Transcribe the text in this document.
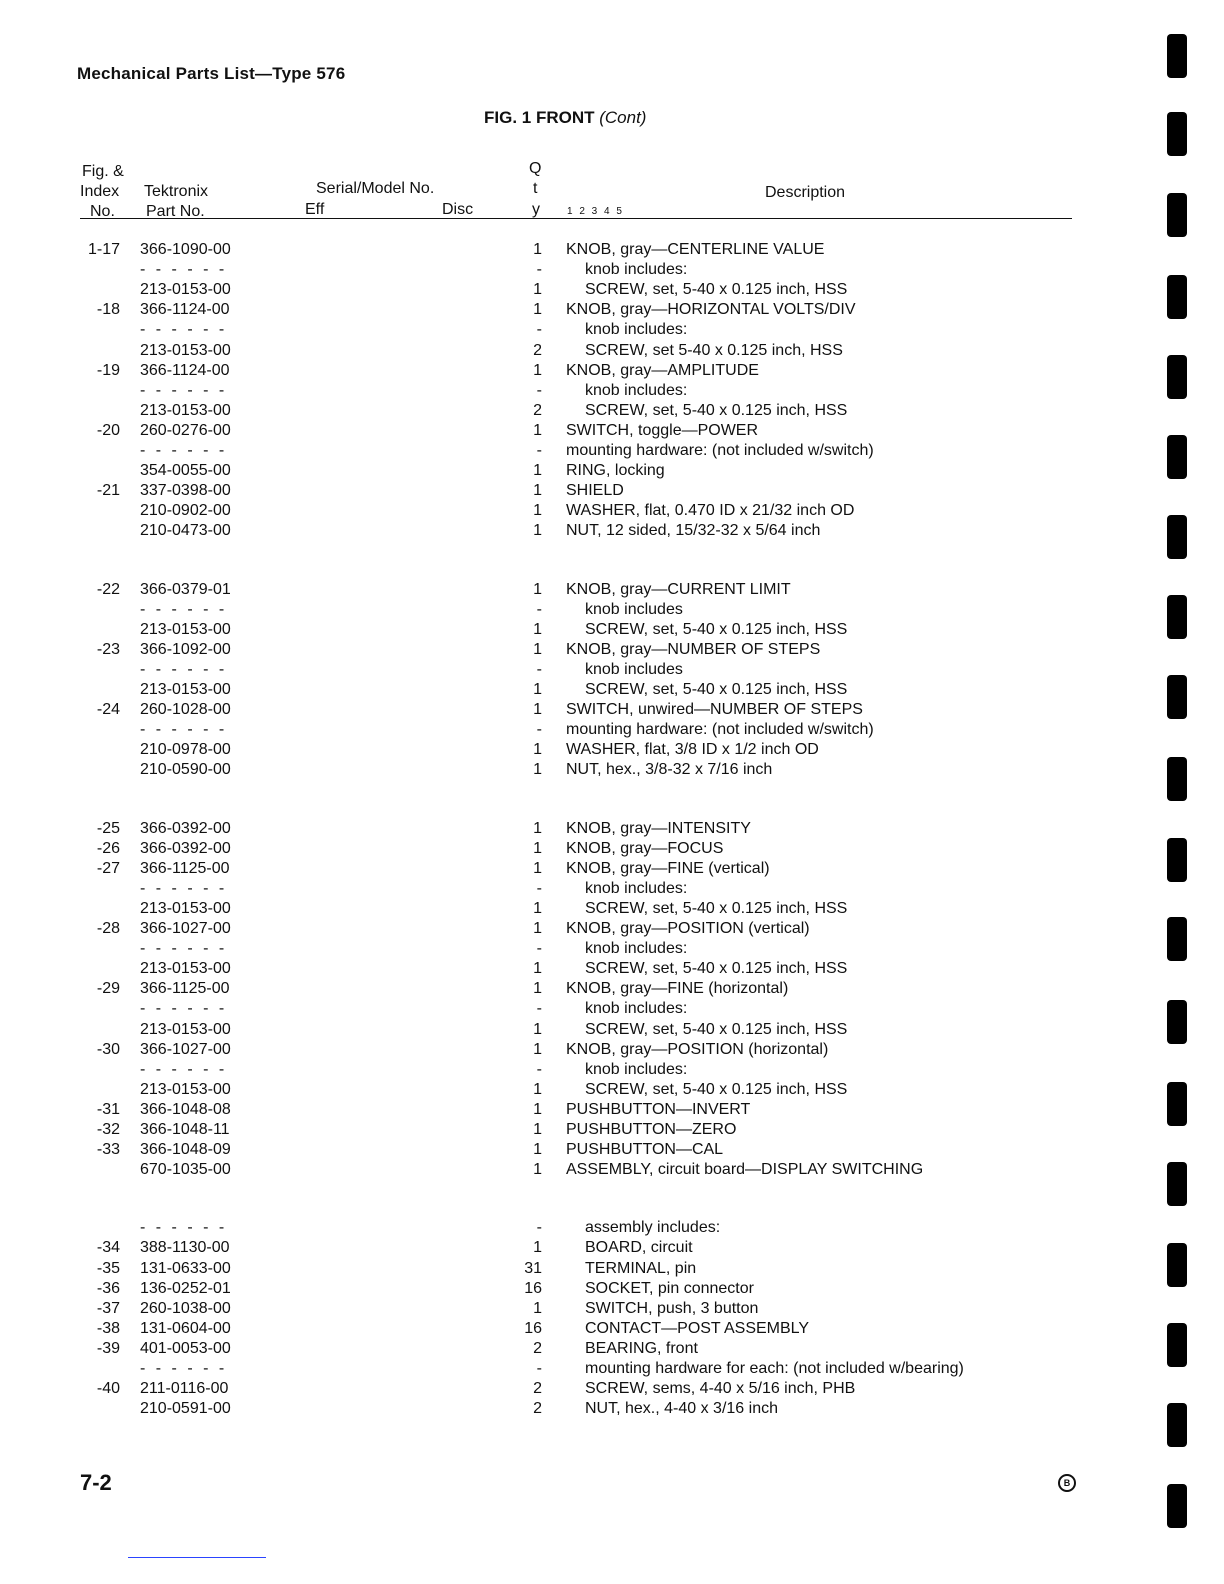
Mechanical Parts List—Type 576
FIG. 1 FRONT (Cont)
Fig. &
Index
No.
Tektronix
Part No.
Serial/Model No.
Eff	Disc
Q
t
y	1 2 3 4 5
Description
1-17 366-1090-00	1 KNOB, gray—CENTERLINE VALUE
- - - - - -	-	knob includes:
213-0153-00	1	SCREW, set, 5-40 x 0.125 inch, HSS
-18 366-1124-00	1 KNOB, gray—HORIZONTAL VOLTS/DIV
- - - - - -	-	knob includes:
213-0153-00	2	SCREW, set 5-40 x 0.125 inch, HSS
-19 366-1124-00	1 KNOB, gray—AMPLITUDE
- - - - - -	-	knob includes:
213-0153-00	2	SCREW, set, 5-40 x 0.125 inch, HSS
-20 260-0276-00	1 SWITCH, toggle—POWER
- - - - - -	- mounting hardware: (not included w/switch)
354-0055-00	1 RING, locking
-21 337-0398-00	1 SHIELD
210-0902-00	1 WASHER, flat, 0.470 ID x 21/32 inch OD
210-0473-00	1 NUT, 12 sided, 15/32-32 x 5/64 inch
-22 366-0379-01	1 KNOB, gray—CURRENT LIMIT
- - - - - -	-	knob includes
213-0153-00	1	SCREW, set, 5-40 x 0.125 inch, HSS
-23 366-1092-00	1 KNOB, gray—NUMBER OF STEPS
- - - - - -	-	knob includes
213-0153-00	1	SCREW, set, 5-40 x 0.125 inch, HSS
-24 260-1028-00	1 SWITCH, unwired—NUMBER OF STEPS
- - - - - -	- mounting hardware: (not included w/switch)
210-0978-00	1 WASHER, flat, 3/8 ID x 1/2 inch OD
210-0590-00	1 NUT, hex., 3/8-32 x 7/16 inch
-25 366-0392-00	1 KNOB, gray—INTENSITY
-26 366-0392-00	1 KNOB, gray—FOCUS
-27 366-1125-00	1 KNOB, gray—FINE (vertical)
- - - - - -	-	knob includes:
213-0153-00	1	SCREW, set, 5-40 x 0.125 inch, HSS
-28 366-1027-00	1 KNOB, gray—POSITION (vertical)
- - - - - -	-	knob includes:
213-0153-00	1	SCREW, set, 5-40 x 0.125 inch, HSS
-29 366-1125-00	1 KNOB, gray—FINE (horizontal)
- - - - - -	-	knob includes:
213-0153-00	1	SCREW, set, 5-40 x 0.125 inch, HSS
-30 366-1027-00	1 KNOB, gray—POSITION (horizontal)
- - - - - -	-	knob includes:
213-0153-00	1	SCREW, set, 5-40 x 0.125 inch, HSS
-31 366-1048-08	1 PUSHBUTTON—INVERT
-32 366-1048-11	1 PUSHBUTTON—ZERO
-33 366-1048-09	1 PUSHBUTTON—CAL
670-1035-00	1 ASSEMBLY, circuit board—DISPLAY SWITCHING
- - - - - -	-	assembly includes:
-34 388-1130-00	1	BOARD, circuit
-35 131-0633-00	31	TERMINAL, pin
-36 136-0252-01	16	SOCKET, pin connector
-37 260-1038-00	1	SWITCH, push, 3 button
-38 131-0604-00	16	CONTACT—POST ASSEMBLY
-39 401-0053-00	2	BEARING, front
- - - - - -	-	mounting hardware for each: (not included w/bearing)
-40 211-0116-00	2	SCREW, sems, 4-40 x 5/16 inch, PHB
210-0591-00	2	NUT, hex., 4-40 x 3/16 inch
7-2	B
